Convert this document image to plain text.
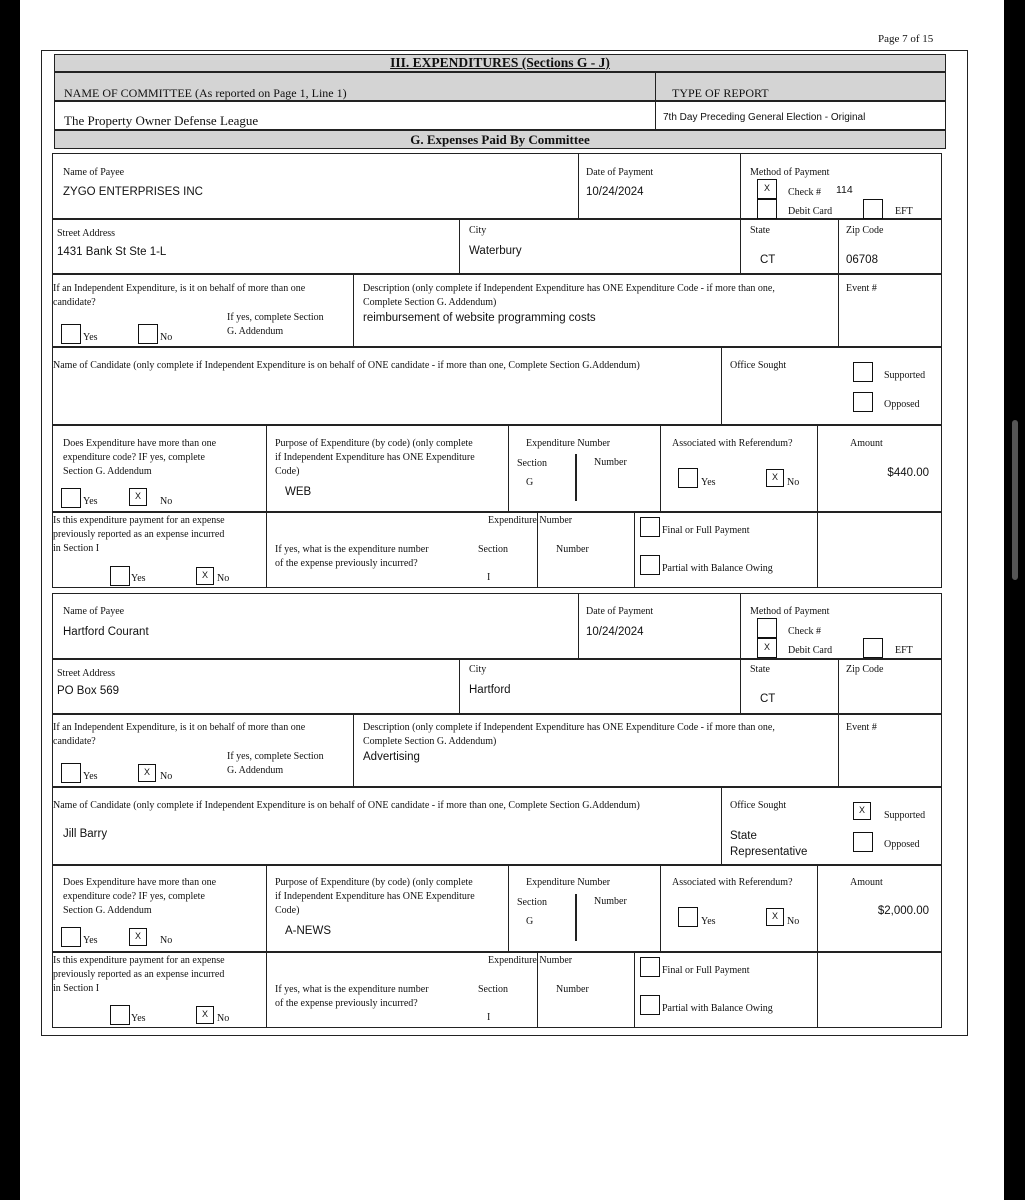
Page 7 of 15
III. EXPENDITURES (Sections G - J)
NAME OF COMMITTEE (As reported on Page 1, Line 1)	TYPE OF REPORT
The Property Owner Defense League	7th Day Preceding General Election - Original
G. Expenses Paid By Committee
Name of Payee
ZYGO ENTERPRISES INC
Date of Payment
10/24/2024
Method of Payment
X	Check # 114
Debit Card	EFT
Street Address
1431 Bank St Ste 1-L
City
Waterbury
State
CT
Zip Code
06708
If an Independent Expenditure, is it on behalf of more than one
candidate?
If yes, complete Section
G. Addendum
Yes	No
Description (only complete if Independent Expenditure has ONE Expenditure Code - if more than one,
Complete Section G. Addendum)
reimbursement of website programming costs
Event #
Name of Candidate (only complete if Independent Expenditure is on behalf of ONE candidate - if more than one, Complete Section G.Addendum)	Office Sought
Supported
Opposed
Does Expenditure have more than one
expenditure code? IF yes, complete
Section G. Addendum
Yes	X	No
Purpose of Expenditure (by code) (only complete
if Independent Expenditure has ONE Expenditure
Code)
WEB
Expenditure Number
Section
G
Number
Associated with Referendum?
Yes	X No
Amount
$440.00
Is this expenditure payment for an expense
previously reported as an expense incurred
in Section I
Yes	X No
If yes, what is the expenditure number
of the expense previously incurred?
Expenditure Number
Section
I
Number
Final or Full Payment
Partial with Balance Owing
Name of Payee
Hartford Courant
Date of Payment
10/24/2024
Method of Payment
Check #
X	Debit Card	EFT
Street Address
PO Box 569
City
Hartford
State
CT
Zip Code
If an Independent Expenditure, is it on behalf of more than one
candidate?
If yes, complete Section
G. Addendum
Yes	X	No
Description (only complete if Independent Expenditure has ONE Expenditure Code - if more than one,
Complete Section G. Addendum)
Advertising
Event #
Name of Candidate (only complete if Independent Expenditure is on behalf of ONE candidate - if more than one, Complete Section G.Addendum)
Jill Barry
Office Sought
State
Representative
X	Supported
Opposed
Does Expenditure have more than one
expenditure code? IF yes, complete
Section G. Addendum
Yes	X	No
Purpose of Expenditure (by code) (only complete
if Independent Expenditure has ONE Expenditure
Code)
A-NEWS
Expenditure Number
Section
G
Number
Associated with Referendum?
Yes	X No
Amount
$2,000.00
Is this expenditure payment for an expense
previously reported as an expense incurred
in Section I
Yes	X No
If yes, what is the expenditure number
of the expense previously incurred?
Expenditure Number
Section
I
Number
Final or Full Payment
Partial with Balance Owing
